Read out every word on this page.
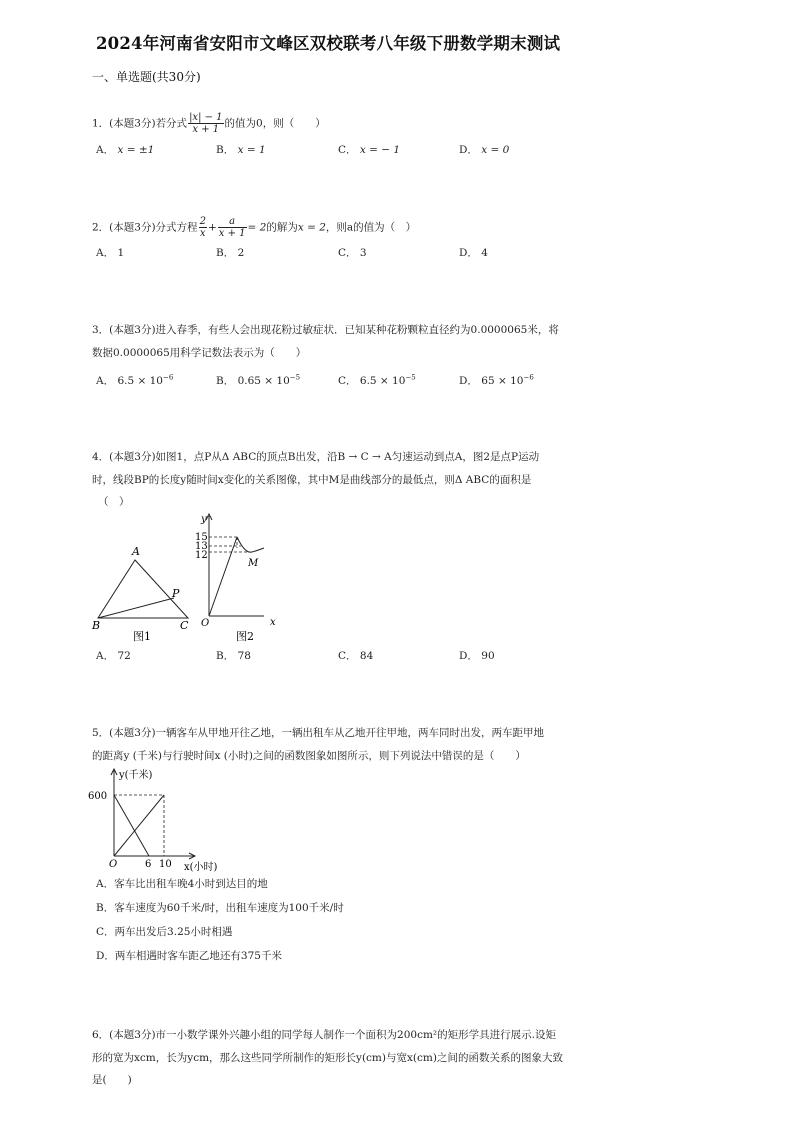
2024年河南省安阳市文峰区双校联考八年级下册数学期末测试
一、单选题(共30分)
1．(本题3分)若分式 $\frac{|x| - 1}{x + 1}$ 的值为0，则（　　）
A． x = ±1	B． x = 1	C． x = − 1	D． x = 0
2．(本题3分)分式方程 $\frac{2}{x} + \frac{a}{x + 1} = 2$的解为x = 2，则a的值为（　）
A． 1	B． 2	C． 3	D． 4
3．(本题3分)进入春季，有些人会出现花粉过敏症状．已知某种花粉颗粒直径约为0.0000065米，将
数据0.0000065用科学记数法表示为（　　）
A． $6.5 \times 10^{-6}$	B． $0.65 \times 10^{-5}$	C． $6.5 \times 10^{-5}$	D． $65 \times 10^{-6}$
4．(本题3分)如图1，点P从Δ ABC的顶点B出发，沿B → C → A匀速运动到点A，图2是点P运动
时，线段BP的长度y随时间x变化的关系图像，其中M是曲线部分的最低点，则Δ ABC的面积是
（　）
A
B	C
P
图1
y
O	x
15
13
12
M
图2
A． 72	B． 78	C． 84	D． 90
5．(本题3分)一辆客车从甲地开往乙地，一辆出租车从乙地开往甲地，两车同时出发，两车距甲地
的距离y (千米)与行驶时间x (小时)之间的函数图象如图所示，则下列说法中错误的是（　　）
y(千米)
600
O	6 10 x(小时)
A．客车比出租车晚4小时到达目的地
B．客车速度为60千米/时，出租车速度为100千米/时
C．两车出发后3.25小时相遇
D．两车相遇时客车距乙地还有375千米
6．(本题3分)市一小数学课外兴趣小组的同学每人制作一个面积为200cm²的矩形学具进行展示.设矩
形的宽为xcm，长为ycm，那么这些同学所制作的矩形长y(cm)与宽x(cm)之间的函数关系的图象大致
是(　　)
